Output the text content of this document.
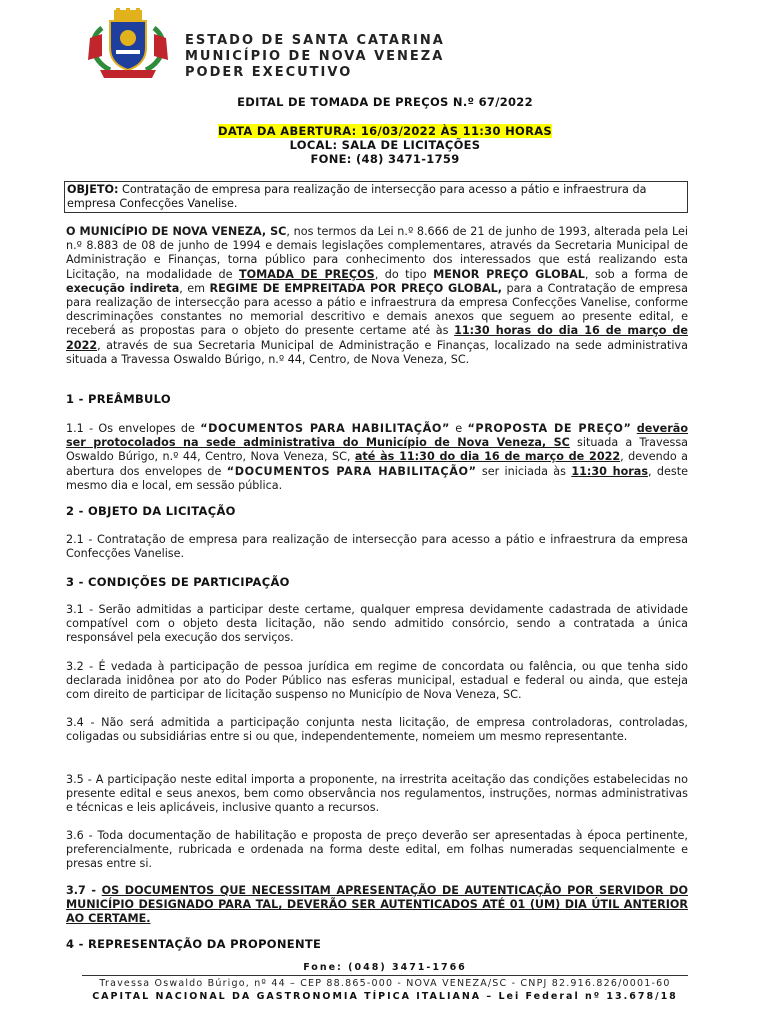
ESTADO DE SANTA CATARINA
MUNICÍPIO DE NOVA VENEZA
PODER EXECUTIVO
EDITAL DE TOMADA DE PREÇOS N.º 67/2022
DATA DA ABERTURA: 16/03/2022 ÀS 11:30 HORAS
LOCAL: SALA DE LICITAÇÕES
FONE: (48) 3471-1759
OBJETO: Contratação de empresa para realização de intersecção para acesso a pátio e infraestrura da empresa Confecções Vanelise.
O MUNICÍPIO DE NOVA VENEZA, SC, nos termos da Lei n.º 8.666 de 21 de junho de 1993, alterada pela Lei n.º 8.883 de 08 de junho de 1994 e demais legislações complementares, através da Secretaria Municipal de Administração e Finanças, torna público para conhecimento dos interessados que está realizando esta Licitação, na modalidade de TOMADA DE PREÇOS, do tipo MENOR PREÇO GLOBAL, sob a forma de execução indireta, em REGIME DE EMPREITADA POR PREÇO GLOBAL, para a Contratação de empresa para realização de intersecção para acesso a pátio e infraestrura da empresa Confecções Vanelise, conforme descriminações constantes no memorial descritivo e demais anexos que seguem ao presente edital, e receberá as propostas para o objeto do presente certame até às 11:30 horas do dia 16 de março de 2022, através de sua Secretaria Municipal de Administração e Finanças, localizado na sede administrativa situada a Travessa Oswaldo Búrigo, n.º 44, Centro, de Nova Veneza, SC.
1 - PREÂMBULO
1.1 - Os envelopes de “DOCUMENTOS PARA HABILITAÇÃO” e “PROPOSTA DE PREÇO” deverão ser protocolados na sede administrativa do Município de Nova Veneza, SC situada a Travessa Oswaldo Búrigo, n.º 44, Centro, Nova Veneza, SC, até às 11:30 do dia 16 de março de 2022, devendo a abertura dos envelopes de “DOCUMENTOS PARA HABILITAÇÃO” ser iniciada às 11:30 horas, deste mesmo dia e local, em sessão pública.
2 - OBJETO DA LICITAÇÃO
2.1 - Contratação de empresa para realização de intersecção para acesso a pátio e infraestrura da empresa Confecções Vanelise.
3 - CONDIÇÕES DE PARTICIPAÇÃO
3.1 - Serão admitidas a participar deste certame, qualquer empresa devidamente cadastrada de atividade compatível com o objeto desta licitação, não sendo admitido consórcio, sendo a contratada a única responsável pela execução dos serviços.
3.2 - É vedada à participação de pessoa jurídica em regime de concordata ou falência, ou que tenha sido declarada inidônea por ato do Poder Público nas esferas municipal, estadual e federal ou ainda, que esteja com direito de participar de licitação suspenso no Município de Nova Veneza, SC.
3.4 - Não será admitida a participação conjunta nesta licitação, de empresa controladoras, controladas, coligadas ou subsidiárias entre si ou que, independentemente, nomeiem um mesmo representante.
3.5 - A participação neste edital importa a proponente, na irrestrita aceitação das condições estabelecidas no presente edital e seus anexos, bem como observância nos regulamentos, instruções, normas administrativas e técnicas e leis aplicáveis, inclusive quanto a recursos.
3.6 - Toda documentação de habilitação e proposta de preço deverão ser apresentadas à época pertinente, preferencialmente, rubricada e ordenada na forma deste edital, em folhas numeradas sequencialmente e presas entre si.
3.7 - OS DOCUMENTOS QUE NECESSITAM APRESENTAÇÃO DE AUTENTICAÇÃO POR SERVIDOR DO MUNICÍPIO DESIGNADO PARA TAL, DEVERÃO SER AUTENTICADOS ATÉ 01 (UM) DIA ÚTIL ANTERIOR AO CERTAME.
4 - REPRESENTAÇÃO DA PROPONENTE
Fone: (048) 3471-1766
Travessa Oswaldo Búrigo, nº 44 – CEP 88.865-000 - NOVA VENEZA/SC - CNPJ 82.916.826/0001-60
CAPITAL NACIONAL DA GASTRONOMIA TÍPICA ITALIANA – Lei Federal nº 13.678/18
